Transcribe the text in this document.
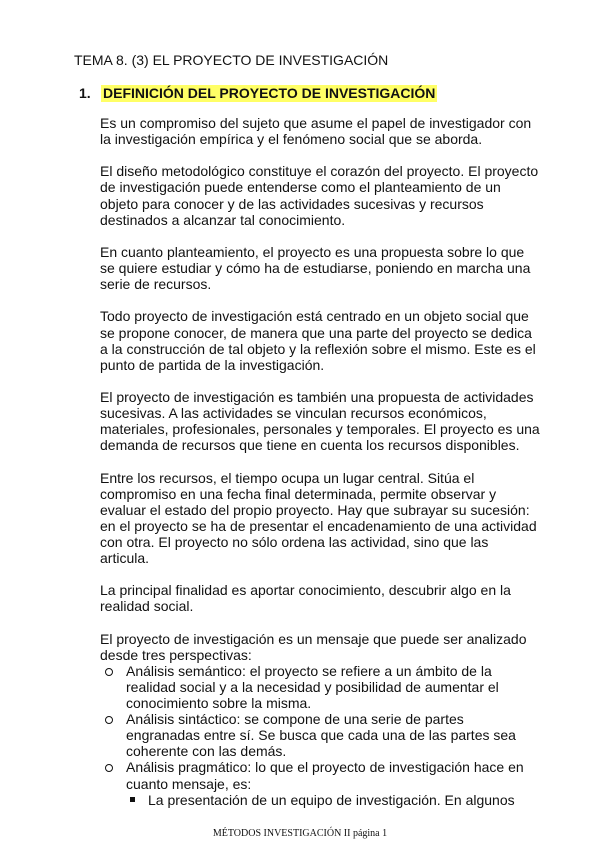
TEMA 8. (3) EL PROYECTO DE INVESTIGACIÓN
1. DEFINICIÓN DEL PROYECTO DE INVESTIGACIÓN

Es un compromiso del sujeto que asume el papel de investigador con la investigación empírica y el fenómeno social que se aborda.

El diseño metodológico constituye el corazón del proyecto. El proyecto de investigación puede entenderse como el planteamiento de un objeto para conocer y de las actividades sucesivas y recursos destinados a alcanzar tal conocimiento.

En cuanto planteamiento, el proyecto es una propuesta sobre lo que se quiere estudiar y cómo ha de estudiarse, poniendo en marcha una serie de recursos.

Todo proyecto de investigación está centrado en un objeto social que se propone conocer, de manera que una parte del proyecto se dedica a la construcción de tal objeto y la reflexión sobre el mismo. Este es el punto de partida de la investigación.

El proyecto de investigación es también una propuesta de actividades sucesivas. A las actividades se vinculan recursos económicos, materiales, profesionales, personales y temporales. El proyecto es una demanda de recursos que tiene en cuenta los recursos disponibles.

Entre los recursos, el tiempo ocupa un lugar central. Sitúa el compromiso en una fecha final determinada, permite observar y evaluar el estado del propio proyecto. Hay que subrayar su sucesión: en el proyecto se ha de presentar el encadenamiento de una actividad con otra. El proyecto no sólo ordena las actividad, sino que las articula.

La principal finalidad es aportar conocimiento, descubrir algo en la realidad social.

El proyecto de investigación es un mensaje que puede ser analizado desde tres perspectivas:

Análisis semántico: el proyecto se refiere a un ámbito de la realidad social y a la necesidad y posibilidad de aumentar el conocimiento sobre la misma.
Análisis sintáctico: se compone de una serie de partes engranadas entre sí. Se busca que cada una de las partes sea coherente con las demás.
Análisis pragmático: lo que el proyecto de investigación hace en cuanto mensaje, es:
La presentación de un equipo de investigación. En algunos
MÉTODOS INVESTIGACIÓN II página 1
